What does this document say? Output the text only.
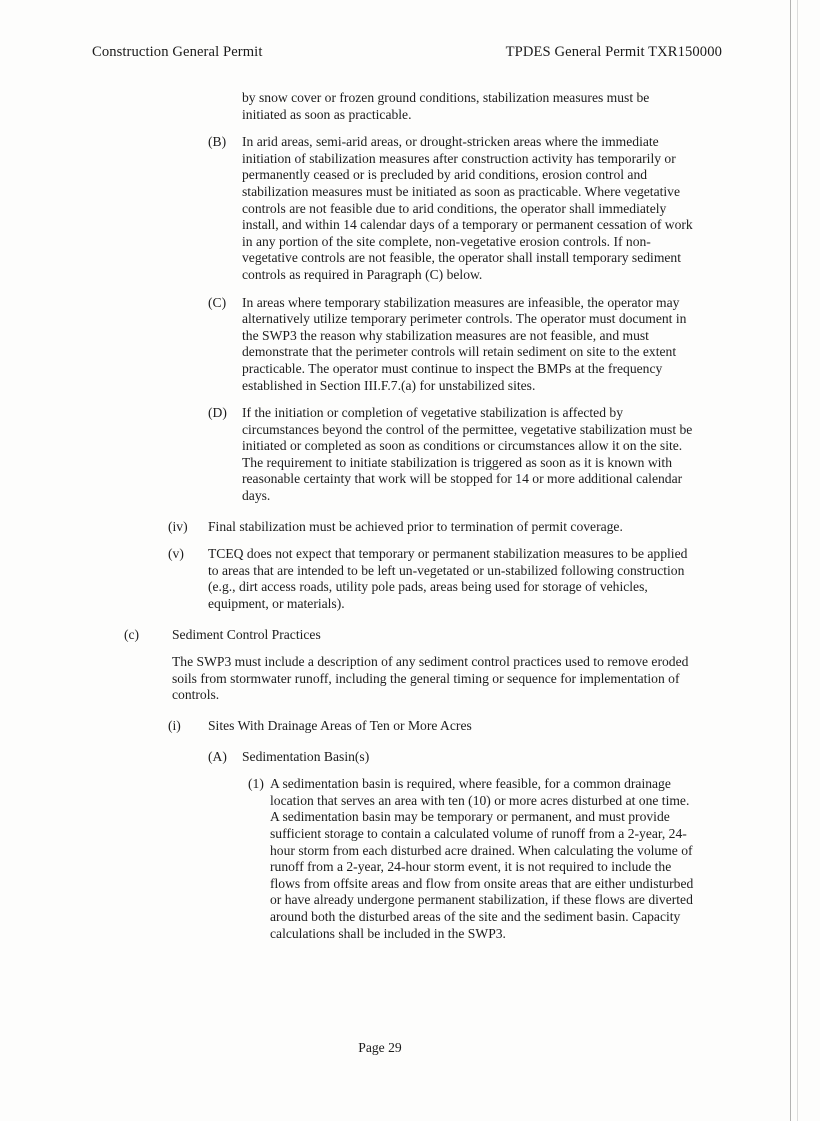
Construction General Permit	TPDES General Permit TXR150000
by snow cover or frozen ground conditions, stabilization measures must be initiated as soon as practicable.
(B)	In arid areas, semi-arid areas, or drought-stricken areas where the immediate initiation of stabilization measures after construction activity has temporarily or permanently ceased or is precluded by arid conditions, erosion control and stabilization measures must be initiated as soon as practicable. Where vegetative controls are not feasible due to arid conditions, the operator shall immediately install, and within 14 calendar days of a temporary or permanent cessation of work in any portion of the site complete, non-vegetative erosion controls. If non-vegetative controls are not feasible, the operator shall install temporary sediment controls as required in Paragraph (C) below.
(C)	In areas where temporary stabilization measures are infeasible, the operator may alternatively utilize temporary perimeter controls. The operator must document in the SWP3 the reason why stabilization measures are not feasible, and must demonstrate that the perimeter controls will retain sediment on site to the extent practicable. The operator must continue to inspect the BMPs at the frequency established in Section III.F.7.(a) for unstabilized sites.
(D)	If the initiation or completion of vegetative stabilization is affected by circumstances beyond the control of the permittee, vegetative stabilization must be initiated or completed as soon as conditions or circumstances allow it on the site. The requirement to initiate stabilization is triggered as soon as it is known with reasonable certainty that work will be stopped for 14 or more additional calendar days.
(iv)	Final stabilization must be achieved prior to termination of permit coverage.
(v)	TCEQ does not expect that temporary or permanent stabilization measures to be applied to areas that are intended to be left un-vegetated or un-stabilized following construction (e.g., dirt access roads, utility pole pads, areas being used for storage of vehicles, equipment, or materials).
(c)	Sediment Control Practices
The SWP3 must include a description of any sediment control practices used to remove eroded soils from stormwater runoff, including the general timing or sequence for implementation of controls.
(i)	Sites With Drainage Areas of Ten or More Acres
(A)	Sedimentation Basin(s)
(1) A sedimentation basin is required, where feasible, for a common drainage location that serves an area with ten (10) or more acres disturbed at one time. A sedimentation basin may be temporary or permanent, and must provide sufficient storage to contain a calculated volume of runoff from a 2-year, 24-hour storm from each disturbed acre drained. When calculating the volume of runoff from a 2-year, 24-hour storm event, it is not required to include the flows from offsite areas and flow from onsite areas that are either undisturbed or have already undergone permanent stabilization, if these flows are diverted around both the disturbed areas of the site and the sediment basin. Capacity calculations shall be included in the SWP3.
Page 29
